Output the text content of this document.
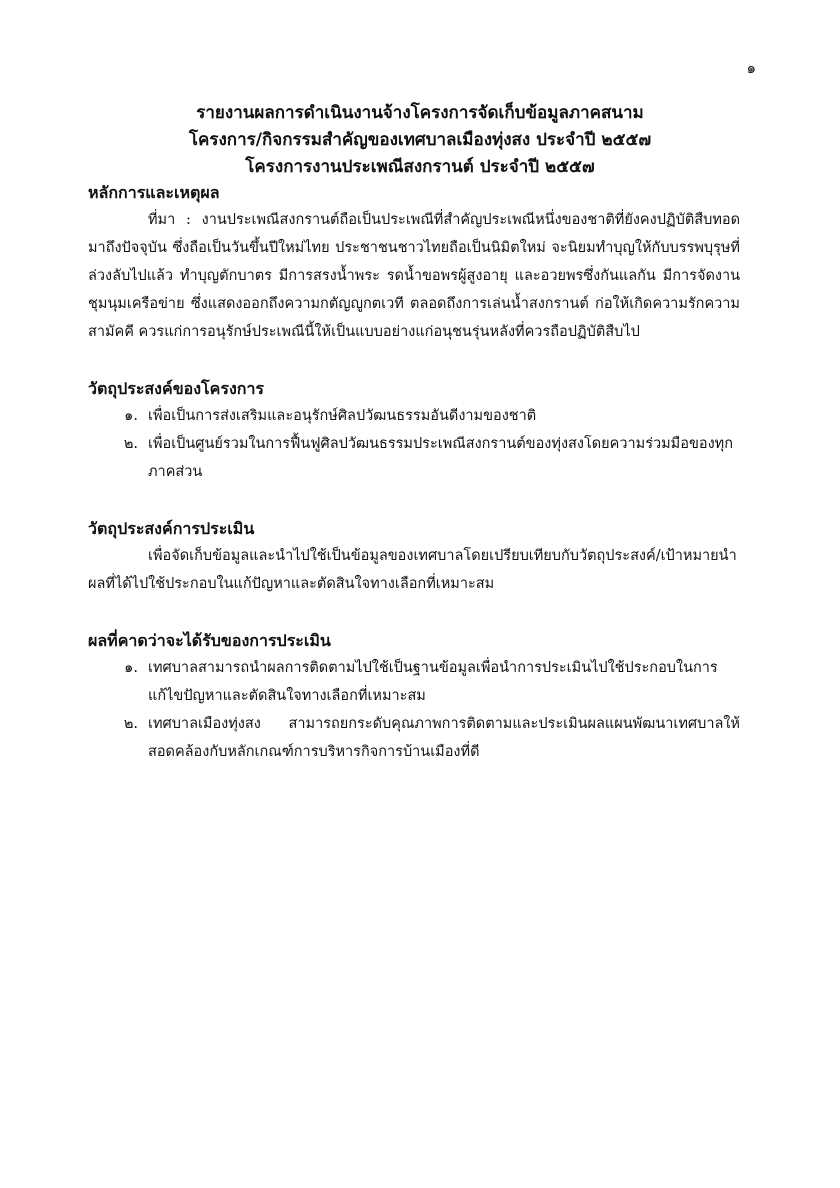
๑
รายงานผลการดำเนินงานจ้างโครงการจัดเก็บข้อมูลภาคสนาม
โครงการ/กิจกรรมสำคัญของเทศบาลเมืองทุ่งสง ประจำปี ๒๕๕๗
โครงการงานประเพณีสงกรานต์ ประจำปี ๒๕๕๗
หลักการและเหตุผล

ที่มา : งานประเพณีสงกรานต์ถือเป็นประเพณีที่สำคัญประเพณีหนึ่งของชาติที่ยังคงปฏิบัติสืบทอดมาถึงปัจจุบัน ซึ่งถือเป็นวันขึ้นปีใหม่ไทย ประชาชนชาวไทยถือเป็นนิมิตใหม่ จะนิยมทำบุญให้กับบรรพบุรุษที่ล่วงลับไปแล้ว ทำบุญตักบาตร มีการสรงน้ำพระ รดน้ำขอพรผู้สูงอายุ และอวยพรซึ่งกันแลกัน มีการจัดงานชุมนุมเครือข่าย ซึ่งแสดงออกถึงความกตัญญูกตเวที ตลอดถึงการเล่นน้ำสงกรานต์ ก่อให้เกิดความรักความสามัคคี ควรแก่การอนุรักษ์ประเพณีนี้ให้เป็นแบบอย่างแก่อนุชนรุ่นหลังที่ควรถือปฏิบัติสืบไป

วัตถุประสงค์ของโครงการ
๑. เพื่อเป็นการส่งเสริมและอนุรักษ์ศิลปวัฒนธรรมอันดีงามของชาติ
๒. เพื่อเป็นศูนย์รวมในการฟื้นฟูศิลปวัฒนธรรมประเพณีสงกรานต์ของทุ่งสงโดยความร่วมมือของทุกภาคส่วน
วัตถุประสงค์การประเมิน

เพื่อจัดเก็บข้อมูลและนำไปใช้เป็นข้อมูลของเทศบาลโดยเปรียบเทียบกับวัตถุประสงค์/เป้าหมายนำผลที่ได้ไปใช้ประกอบในแก้ปัญหาและตัดสินใจทางเลือกที่เหมาะสม

ผลที่คาดว่าจะได้รับของการประเมิน
๑. เทศบาลสามารถนำผลการติดตามไปใช้เป็นฐานข้อมูลเพื่อนำการประเมินไปใช้ประกอบในการแก้ไขปัญหาและตัดสินใจทางเลือกที่เหมาะสม
๒. เทศบาลเมืองทุ่งสง สามารถยกระดับคุณภาพการติดตามและประเมินผลแผนพัฒนาเทศบาลให้สอดคล้องกับหลักเกณฑ์การบริหารกิจการบ้านเมืองที่ดี
